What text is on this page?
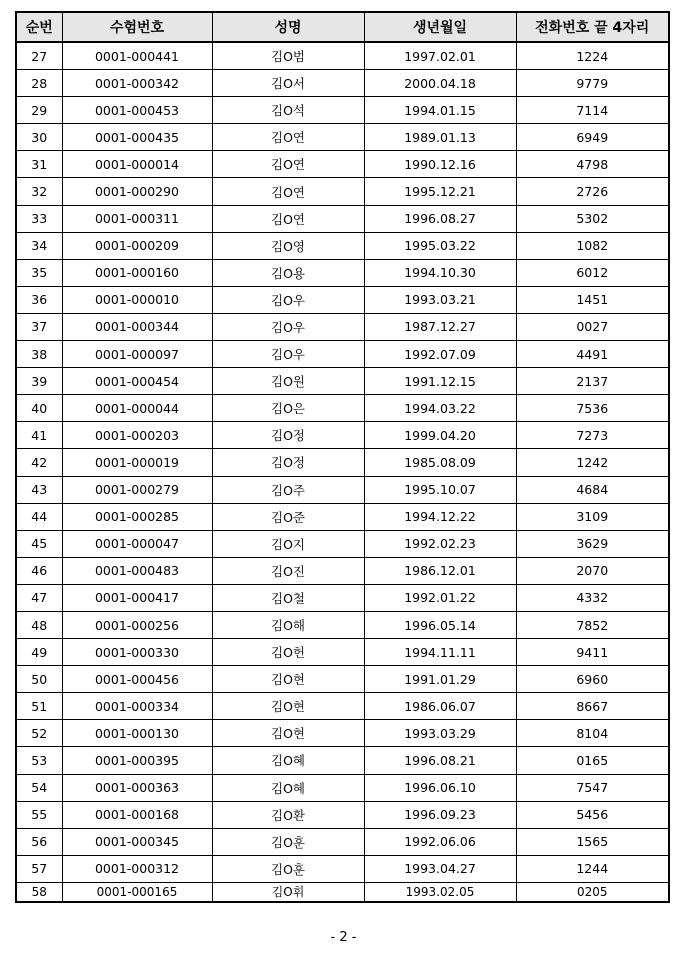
순번	수험번호	성명	생년월일	전화번호 끝 4자리
27	0001-000441	김O범	1997.02.01	1224
28	0001-000342	김O서	2000.04.18	9779
29	0001-000453	김O석	1994.01.15	7114
30	0001-000435	김O연	1989.01.13	6949
31	0001-000014	김O연	1990.12.16	4798
32	0001-000290	김O연	1995.12.21	2726
33	0001-000311	김O연	1996.08.27	5302
34	0001-000209	김O영	1995.03.22	1082
35	0001-000160	김O용	1994.10.30	6012
36	0001-000010	김O우	1993.03.21	1451
37	0001-000344	김O우	1987.12.27	0027
38	0001-000097	김O우	1992.07.09	4491
39	0001-000454	김O원	1991.12.15	2137
40	0001-000044	김O은	1994.03.22	7536
41	0001-000203	김O정	1999.04.20	7273
42	0001-000019	김O정	1985.08.09	1242
43	0001-000279	김O주	1995.10.07	4684
44	0001-000285	김O준	1994.12.22	3109
45	0001-000047	김O지	1992.02.23	3629
46	0001-000483	김O진	1986.12.01	2070
47	0001-000417	김O철	1992.01.22	4332
48	0001-000256	김O해	1996.05.14	7852
49	0001-000330	김O헌	1994.11.11	9411
50	0001-000456	김O현	1991.01.29	6960
51	0001-000334	김O현	1986.06.07	8667
52	0001-000130	김O현	1993.03.29	8104
53	0001-000395	김O혜	1996.08.21	0165
54	0001-000363	김O혜	1996.06.10	7547
55	0001-000168	김O환	1996.09.23	5456
56	0001-000345	김O훈	1992.06.06	1565
57	0001-000312	김O훈	1993.04.27	1244
58	0001-000165	김O휘	1993.02.05	0205
- 2 -
